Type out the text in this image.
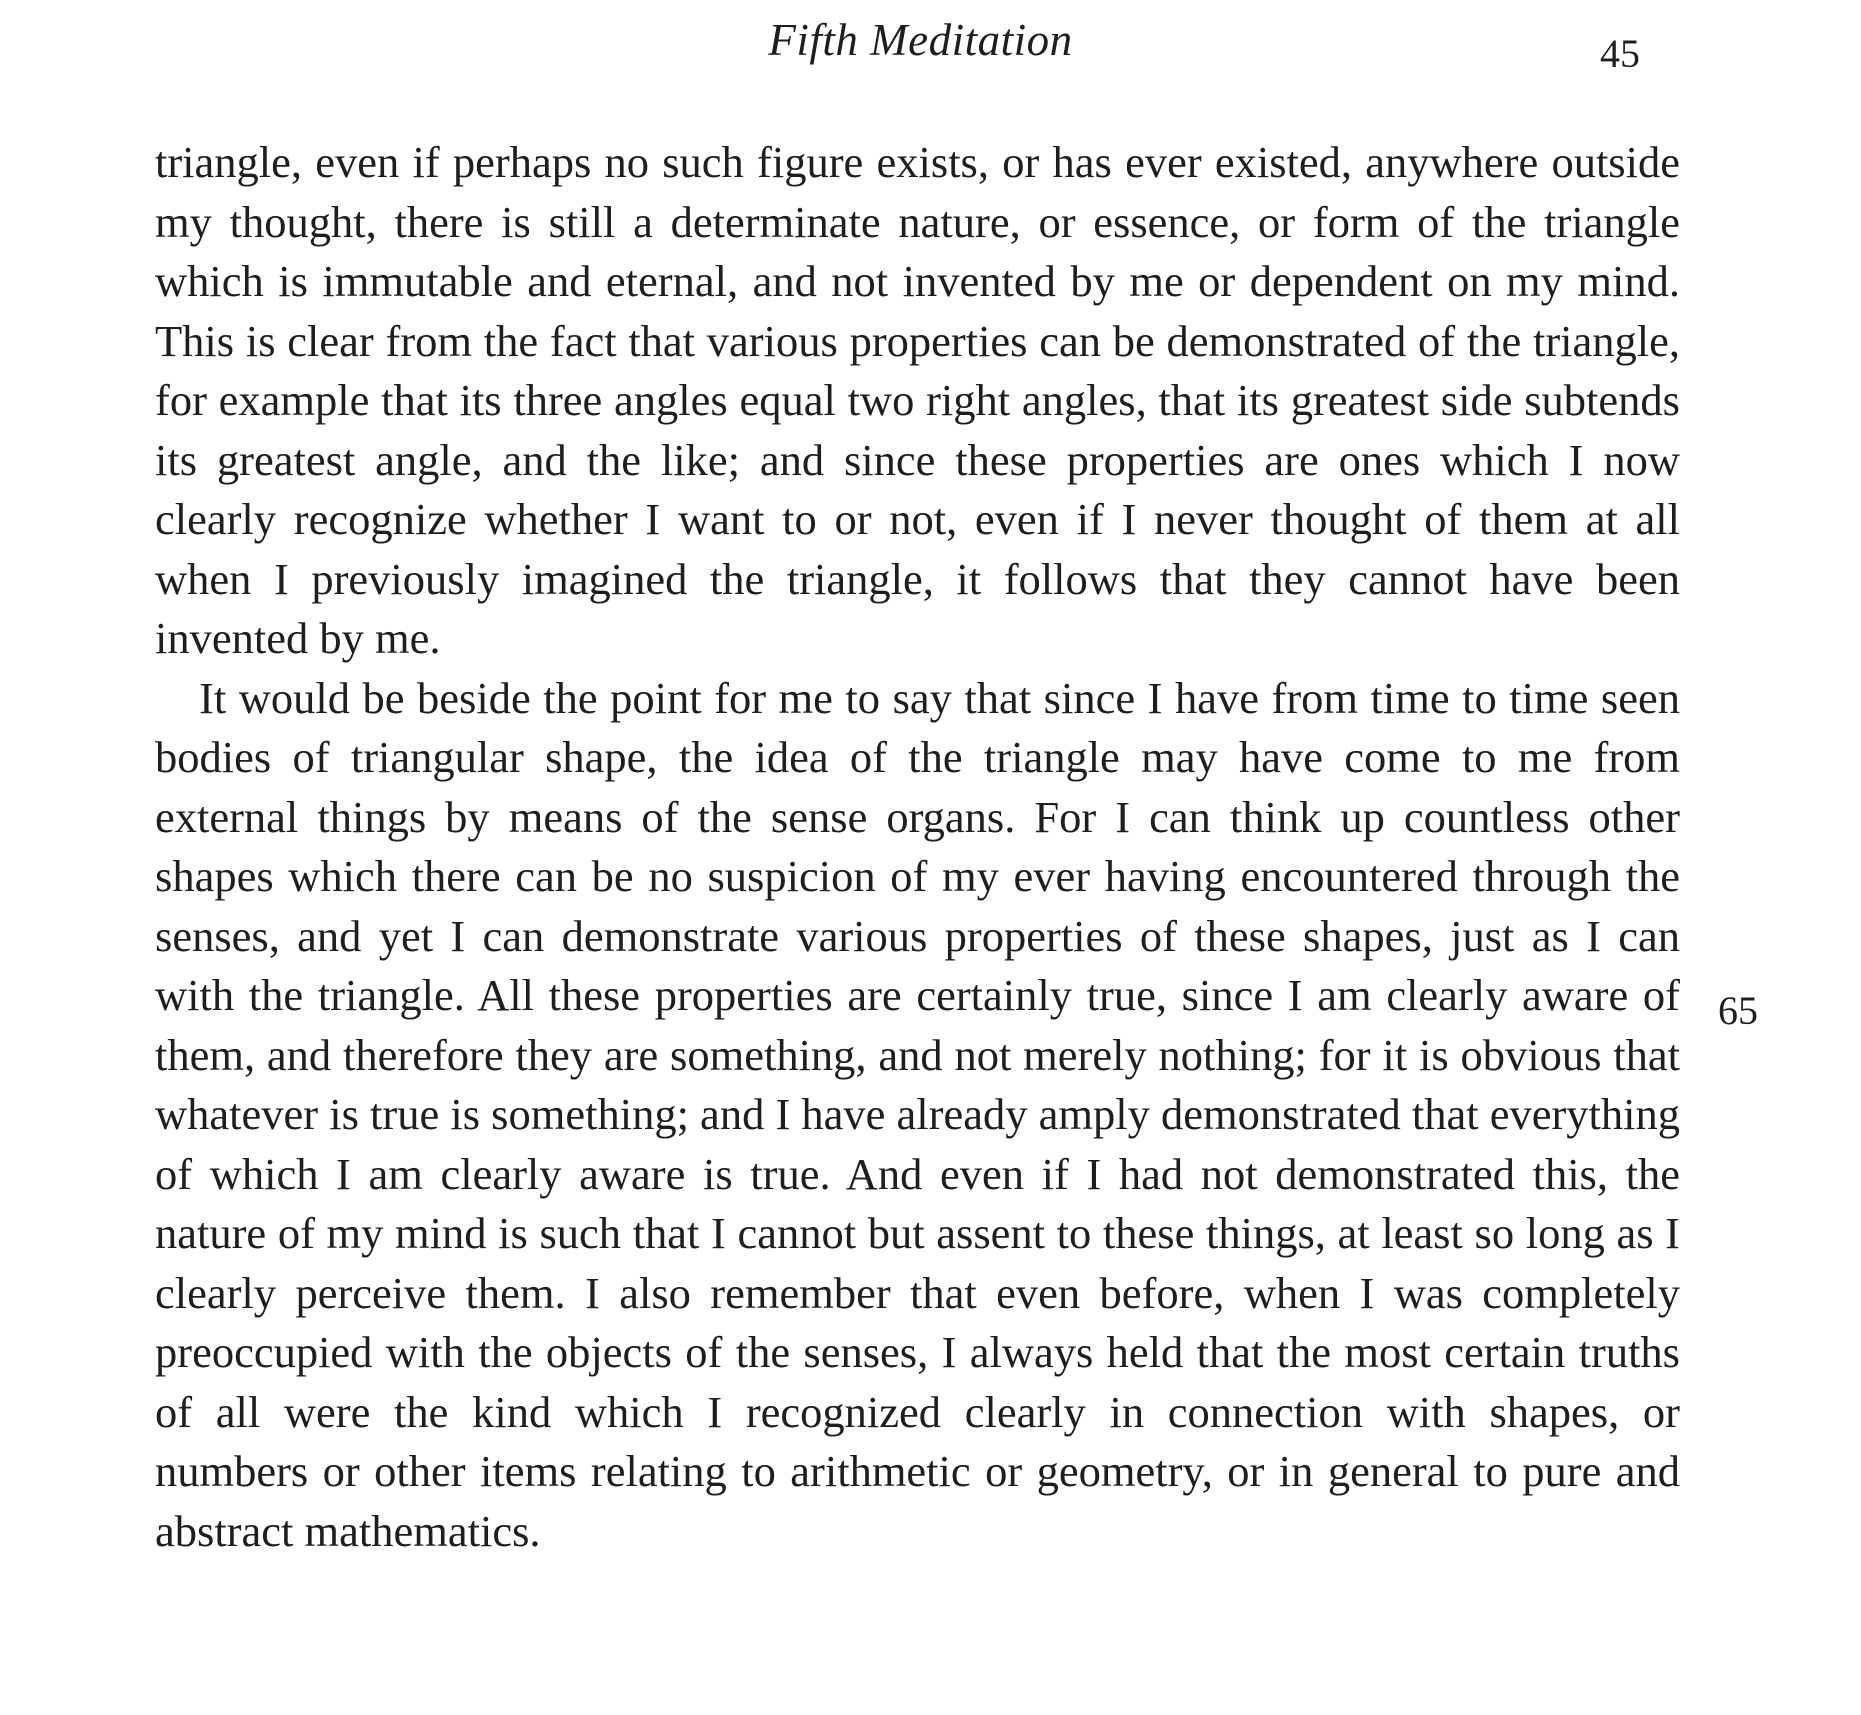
Fifth Meditation	45

triangle, even if perhaps no such figure exists, or has ever existed, anywhere outside my thought, there is still a determinate nature, or essence, or form of the triangle which is immutable and eternal, and not invented by me or dependent on my mind. This is clear from the fact that various properties can be demonstrated of the triangle, for example that its three angles equal two right angles, that its greatest side subtends its greatest angle, and the like; and since these properties are ones which I now clearly recognize whether I want to or not, even if I never thought of them at all when I previously imagined the triangle, it follows that they cannot have been invented by me.

It would be beside the point for me to say that since I have from time to time seen bodies of triangular shape, the idea of the triangle may have come to me from external things by means of the sense organs. For I can think up countless other shapes which there can be no suspicion of my ever having encountered through the senses, and yet I can demonstrate various properties of these shapes, just as I can with the triangle. All these properties are certainly true, since I am clearly aware of them, and therefore they are something, and not merely nothing; for it is obvious that whatever is true is something; and I have already amply demonstrated that everything of which I am clearly aware is true. And even if I had not demonstrated this, the nature of my mind is such that I cannot but assent to these things, at least so long as I clearly perceive them. I also remember that even before, when I was completely preoccupied with the objects of the senses, I always held that the most certain truths of all were the kind which I recognized clearly in connection with shapes, or numbers or other items relating to arithmetic or geometry, or in general to pure and abstract mathematics.

65
